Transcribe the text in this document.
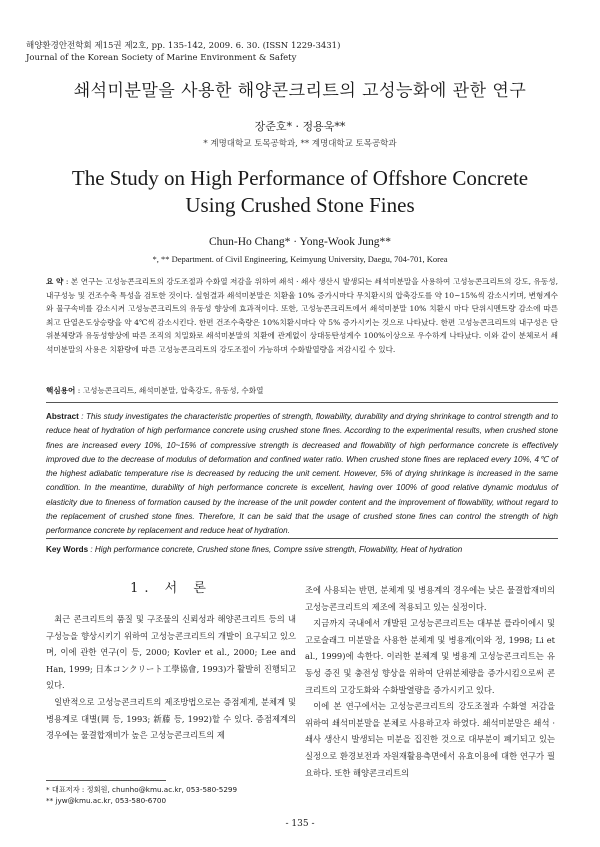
해양환경안전학회 제15권 제2호, pp. 135-142, 2009. 6. 30. (ISSN 1229-3431)
Journal of the Korean Society of Marine Environment & Safety
쇄석미분말을 사용한 해양콘크리트의 고성능화에 관한 연구
장준호* · 정용욱**
* 계명대학교 토목공학과, ** 계명대학교 토목공학과
The Study on High Performance of Offshore Concrete
Using Crushed Stone Fines
Chun-Ho Chang* · Yong-Wook Jung**
*, ** Department. of Civil Engineering, Keimyung University, Daegu, 704-701, Korea
요 약 : 본 연구는 고성능콘크리트의 강도조절과 수화열 저감을 위하여 쇄석 · 쇄사 생산시 발생되는 쇄석미분말을 사용하여 고성능콘크리트의 강도, 유동성, 내구성능 및 건조수축 특성을 검토한 것이다. 실험결과 쇄석미분말은 치환율 10% 증가시마다 무치환시의 압축강도를 약 10~15%씩 감소시키며, 변형계수와 물구속비를 감소시켜 고성능콘크리트의 유동성 향상에 효과적이다. 또한, 고성능콘크리트에서 쇄석미분말 10% 치환시 마다 단위시멘트량 감소에 따른 최고 단열온도상승량을 약 4℃씩 감소시킨다. 한편 건조수축량은 10%치환시마다 약 5% 증가시키는 것으로 나타났다. 한편 고성능콘크리트의 내구성은 단위분체량과 유동성향상에 따른 조직의 치밀화로 쇄석미분말의 치환에 관계없이 상대동탄성계수 100%이상으로 우수하게 나타났다. 이와 같이 분체로서 쇄석미분말의 사용은 치환량에 따른 고성능콘크리트의 강도조절이 가능하며 수화발열량을 저감시킬 수 있다.
핵심용어 : 고성능콘크리트, 쇄석미분말, 압축강도, 유동성, 수화열
Abstract : This study investigates the characteristic properties of strength, flowability, durability and drying shrinkage to control strength and to reduce heat of hydration of high performance concrete using crushed stone fines. According to the experimental results, when crushed stone fines are increased every 10%, 10~15% of compressive strength is decreased and flowability of high performance concrete is effectively improved due to the decrease of modulus of deformation and confined water ratio. When crushed stone fines are replaced every 10%, 4℃ of the highest adiabatic temperature rise is decreased by reducing the unit cement. However, 5% of drying shrinkage is increased in the same condition. In the meantime, durability of high performance concrete is excellent, having over 100% of good relative dynamic modulus of elasticity due to fineness of formation caused by the increase of the unit powder content and the improvement of flowability, without regard to the replacement of crushed stone fines. Therefore, It can be said that the usage of crushed stone fines can control the strength of high performance concrete by replacement and reduce heat of hydration.
Key Words : High performance concrete, Crushed stone fines, Compre ssive strength, Flowability, Heat of hydration
1. 서 론

최근 콘크리트의 품질 및 구조물의 신뢰성과 해양콘크리트 등의 내구성능을 향상시키기 위하여 고성능콘크리트의 개발이 요구되고 있으며, 이에 관한 연구(이 등, 2000; Kovler et al., 2000; Lee and Han, 1999; 日本コンクリート工學協會, 1993)가 활발히 진행되고 있다.

일반적으로 고성능콘크리트의 제조방법으로는 증점제계, 분체계 및 병용계로 대별(岡 등, 1993; 新藤 등, 1992)할 수 있다. 증점제계의 경우에는 물결합재비가 높은 고성능콘크리트의 제

조에 사용되는 반면, 분체계 및 병용계의 경우에는 낮은 물결합재비의 고성능콘크리트의 제조에 적용되고 있는 실정이다.

지금까지 국내에서 개발된 고성능콘크리트는 대부분 플라이에시 및 고로슬래그 미분말을 사용한 분체계 및 병용계(이와 정, 1998; Li et al., 1999)에 속한다. 이러한 분체계 및 병용계 고성능콘크리트는 유동성 증진 및 충전성 향상을 위하여 단위분체량을 증가시킴으로써 콘크리트의 고강도화와 수화발열량을 증가시키고 있다.

이에 본 연구에서는 고성능콘크리트의 강도조절과 수화열 저감을 위하여 쇄석미분말을 분체로 사용하고자 하였다. 쇄석미분말은 쇄석 · 쇄사 생산시 발생되는 미분을 집진한 것으로 대부분이 폐기되고 있는 실정으로 환경보전과 자원재활용측면에서 유효이용에 대한 연구가 필요하다. 또한 해양콘크리트의

* 대표저자 : 정회원, chunho@kmu.ac.kr, 053-580-5299
** jyw@kmu.ac.kr, 053-580-6700
- 135 -
